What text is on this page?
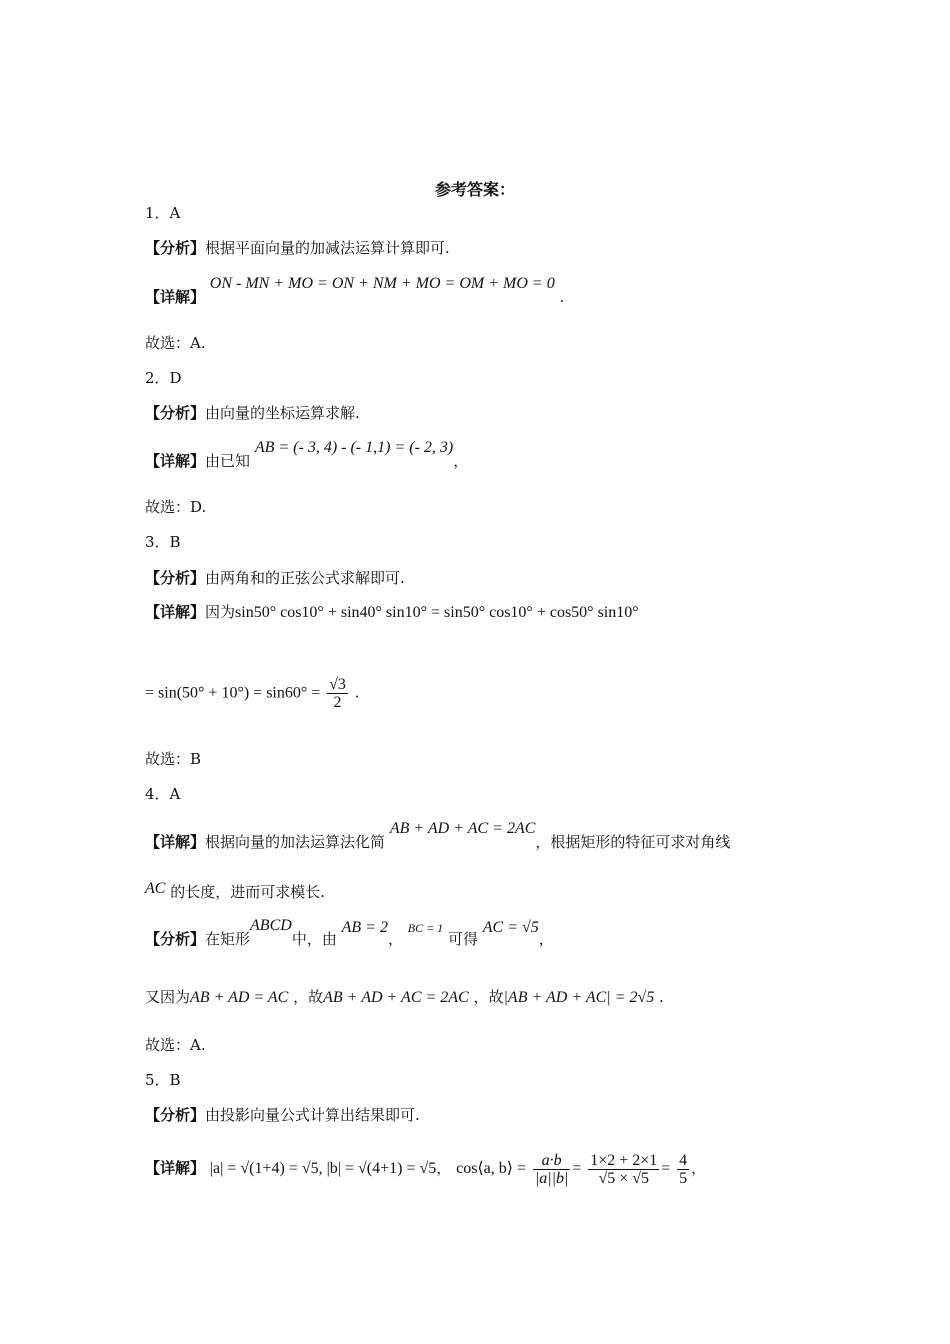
参考答案：
1．A
【分析】根据平面向量的加减法运算计算即可.
【详解】 ON - MN + MO = ON + NM + MO = OM + MO = 0 .
故选：A.
2．D
【分析】由向量的坐标运算求解.
【详解】由已知 AB = (- 3, 4) - (- 1,1) = (- 2, 3)，
故选：D.
3．B
【分析】由两角和的正弦公式求解即可.
【详解】因为sin50° cos10° + sin40° sin10° = sin50° cos10° + cos50° sin10°
= $\sin(50^\circ + 10^\circ) = \sin 60^\circ = \frac{√3}{2}$ .
故选：B
4．A
【详解】根据向量的加法运算法化简 AB + AD + AC = 2AC，根据矩形的特征可求对角线
AC 的长度，进而可求模长.
【分析】在矩形ABCD中，由 AB = 2， $^{BC = 1}$ 可得 AC = √5，
又因为AB + AD = AC ，故AB + AD + AC = 2AC ，故|AB + AD + AC| = 2√5 .
故选：A.
5．B
【分析】由投影向量公式计算出结果即可.
【详解】 |a| = √(1+4) = √5, |b| = √(4+1) = √5， cos⟨a, b⟩ = $\frac{a\cdot b}{|a||b|} = \frac{1\times 2 + 2\times 1}{√5 \times √5} = \frac{4}{5}$ ，
